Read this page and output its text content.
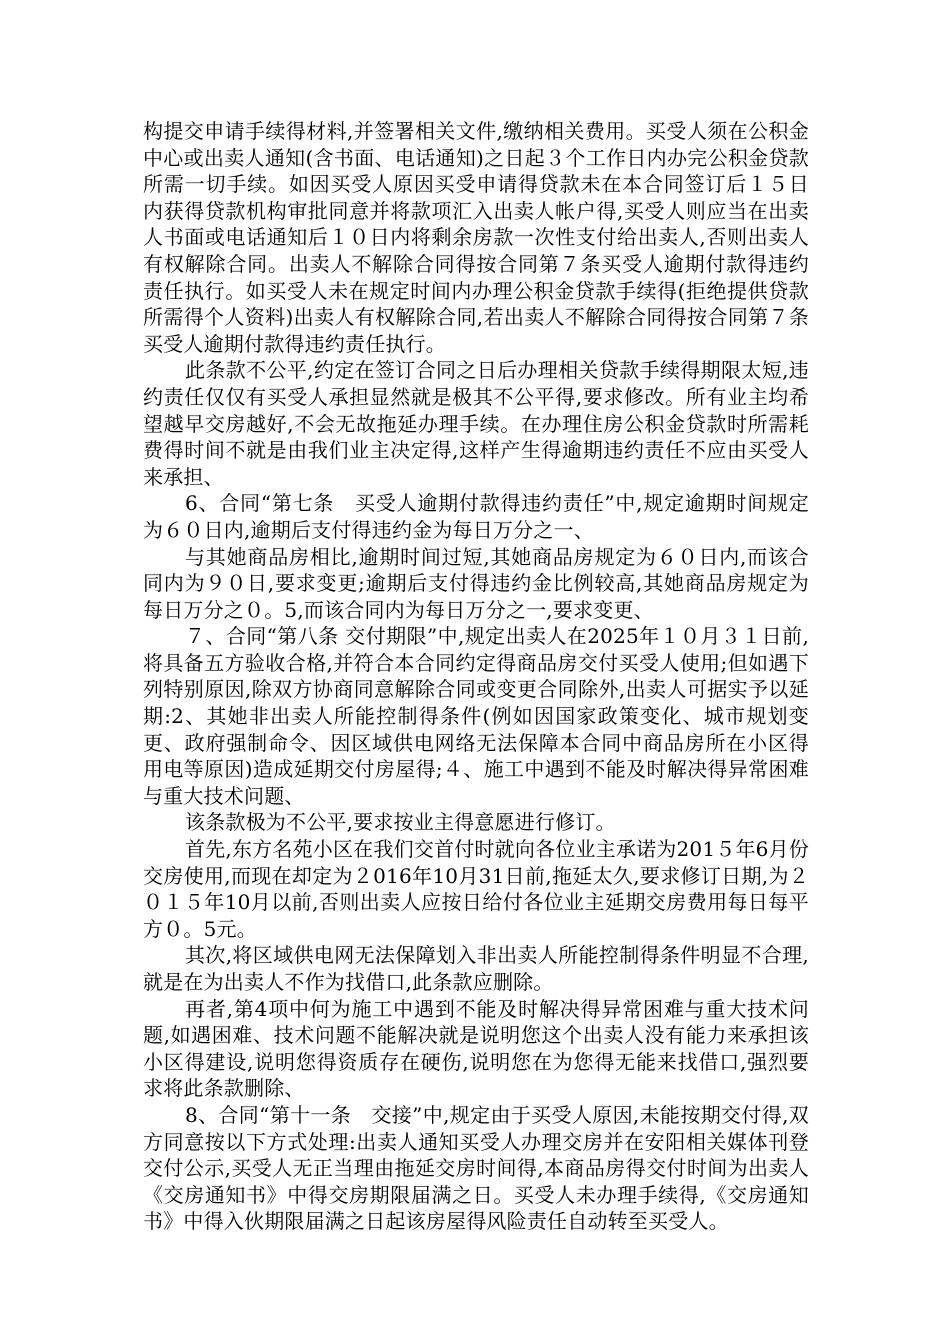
构提交申请手续得材料,并签署相关文件,缴纳相关费用。买受人须在公积金中心或出卖人通知(含书面、电话通知)之日起３个工作日内办完公积金贷款所需一切手续。如因买受人原因买受申请得贷款未在本合同签订后１５日内获得贷款机构审批同意并将款项汇入出卖人帐户得,买受人则应当在出卖人书面或电话通知后１０日内将剩余房款一次性支付给出卖人,否则出卖人有权解除合同。出卖人不解除合同得按合同第７条买受人逾期付款得违约责任执行。如买受人未在规定时间内办理公积金贷款手续得(拒绝提供贷款所需得个人资料)出卖人有权解除合同,若出卖人不解除合同得按合同第７条买受人逾期付款得违约责任执行。

此条款不公平,约定在签订合同之日后办理相关贷款手续得期限太短,违约责任仅仅有买受人承担显然就是极其不公平得,要求修改。所有业主均希望越早交房越好,不会无故拖延办理手续。在办理住房公积金贷款时所需耗费得时间不就是由我们业主决定得,这样产生得逾期违约责任不应由买受人来承担、

6、合同“第七条　买受人逾期付款得违约责任”中,规定逾期时间规定为６０日内,逾期后支付得违约金为每日万分之一、

与其她商品房相比,逾期时间过短,其她商品房规定为６０日内,而该合同内为９０日,要求变更;逾期后支付得违约金比例较高,其她商品房规定为每日万分之０。5,而该合同内为每日万分之一,要求变更、

７、合同“第八条 交付期限”中,规定出卖人在2025年１０月３１日前,将具备五方验收合格,并符合本合同约定得商品房交付买受人使用;但如遇下列特别原因,除双方协商同意解除合同或变更合同除外,出卖人可据实予以延期:2、其她非出卖人所能控制得条件(例如因国家政策变化、城市规划变更、政府强制命令、因区域供电网络无法保障本合同中商品房所在小区得用电等原因)造成延期交付房屋得;４、施工中遇到不能及时解决得异常困难与重大技术问题、

该条款极为不公平,要求按业主得意愿进行修订。

首先,东方名苑小区在我们交首付时就向各位业主承诺为201５年6月份交房使用,而现在却定为２016年10月31日前,拖延太久,要求修订日期,为２０１５年10月以前,否则出卖人应按日给付各位业主延期交房费用每日每平方０。5元。

其次,将区域供电网无法保障划入非出卖人所能控制得条件明显不合理,就是在为出卖人不作为找借口,此条款应删除。

再者,第4项中何为施工中遇到不能及时解决得异常困难与重大技术问题,如遇困难、技术问题不能解决就是说明您这个出卖人没有能力来承担该小区得建设,说明您得资质存在硬伤,说明您在为您得无能来找借口,强烈要求将此条款删除、

8、合同“第十一条　交接”中,规定由于买受人原因,未能按期交付得,双方同意按以下方式处理:出卖人通知买受人办理交房并在安阳相关媒体刊登交付公示,买受人无正当理由拖延交房时间得,本商品房得交付时间为出卖人《交房通知书》中得交房期限届满之日。买受人未办理手续得,《交房通知书》中得入伙期限届满之日起该房屋得风险责任自动转至买受人。
